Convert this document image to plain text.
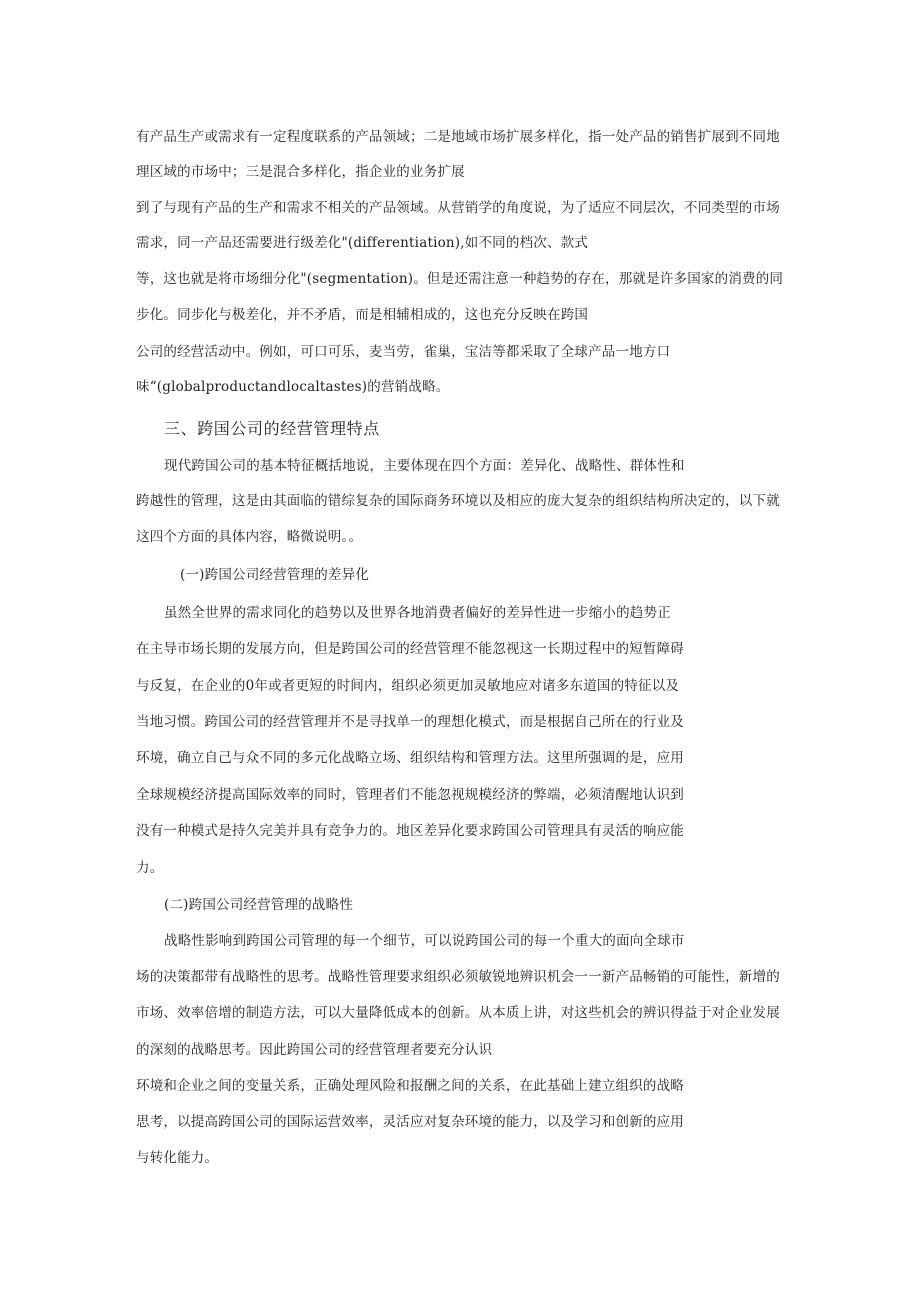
有产品生产或需求有一定程度联系的产品领域；二是地域市场扩展多样化，指一处产品的销售扩展到不同地
理区域的市场中；三是混合多样化，指企业的业务扩展
到了与现有产品的生产和需求不相关的产品领域。从营销学的角度说，为了适应不同层次，不同类型的市场
需求，同一产品还需要进行级差化"(differentiation),如不同的档次、款式
等，这也就是将市场细分化"(segmentation)。但是还需注意一种趋势的存在，那就是许多国家的消费的同
步化。同步化与极差化，并不矛盾，而是相辅相成的，这也充分反映在跨国
公司的经营活动中。例如，可口可乐，麦当劳，雀巢，宝洁等都采取了全球产品一地方口
味“(globalproductandlocaltastes)的营销战略。
三、跨国公司的经营管理特点
现代跨国公司的基本特征概括地说，主要体现在四个方面：差异化、战略性、群体性和
跨越性的管理，这是由其面临的错综复杂的国际商务环境以及相应的庞大复杂的组织结构所决定的，以下就
这四个方面的具体内容，略微说明。。
(一)跨国公司经营管理的差异化
虽然全世界的需求同化的趋势以及世界各地消费者偏好的差异性进一步缩小的趋势正
在主导市场长期的发展方向，但是跨国公司的经营管理不能忽视这一长期过程中的短暂障碍
与反复，在企业的0年或者更短的时间内，组织必须更加灵敏地应对诸多东道国的特征以及
当地习惯。跨国公司的经营管理并不是寻找单一的理想化模式，而是根据自己所在的行业及
环境，确立自己与众不同的多元化战略立场、组织结构和管理方法。这里所强调的是，应用
全球规模经济提高国际效率的同时，管理者们不能忽视规模经济的弊端，必须清醒地认识到
没有一种模式是持久完美并具有竞争力的。地区差异化要求跨国公司管理具有灵活的响应能
力。
(二)跨国公司经营管理的战略性
战略性影响到跨国公司管理的每一个细节，可以说跨国公司的每一个重大的面向全球市
场的决策都带有战略性的思考。战略性管理要求组织必须敏锐地辨识机会一一新产品畅销的可能性，新增的
市场、效率倍增的制造方法，可以大量降低成本的创新。从本质上讲，对这些机会的辨识得益于对企业发展
的深刻的战略思考。因此跨国公司的经营管理者要充分认识
环境和企业之间的变量关系，正确处理风险和报酬之间的关系，在此基础上建立组织的战略
思考，以提高跨国公司的国际运营效率，灵活应对复杂环境的能力，以及学习和创新的应用
与转化能力。
